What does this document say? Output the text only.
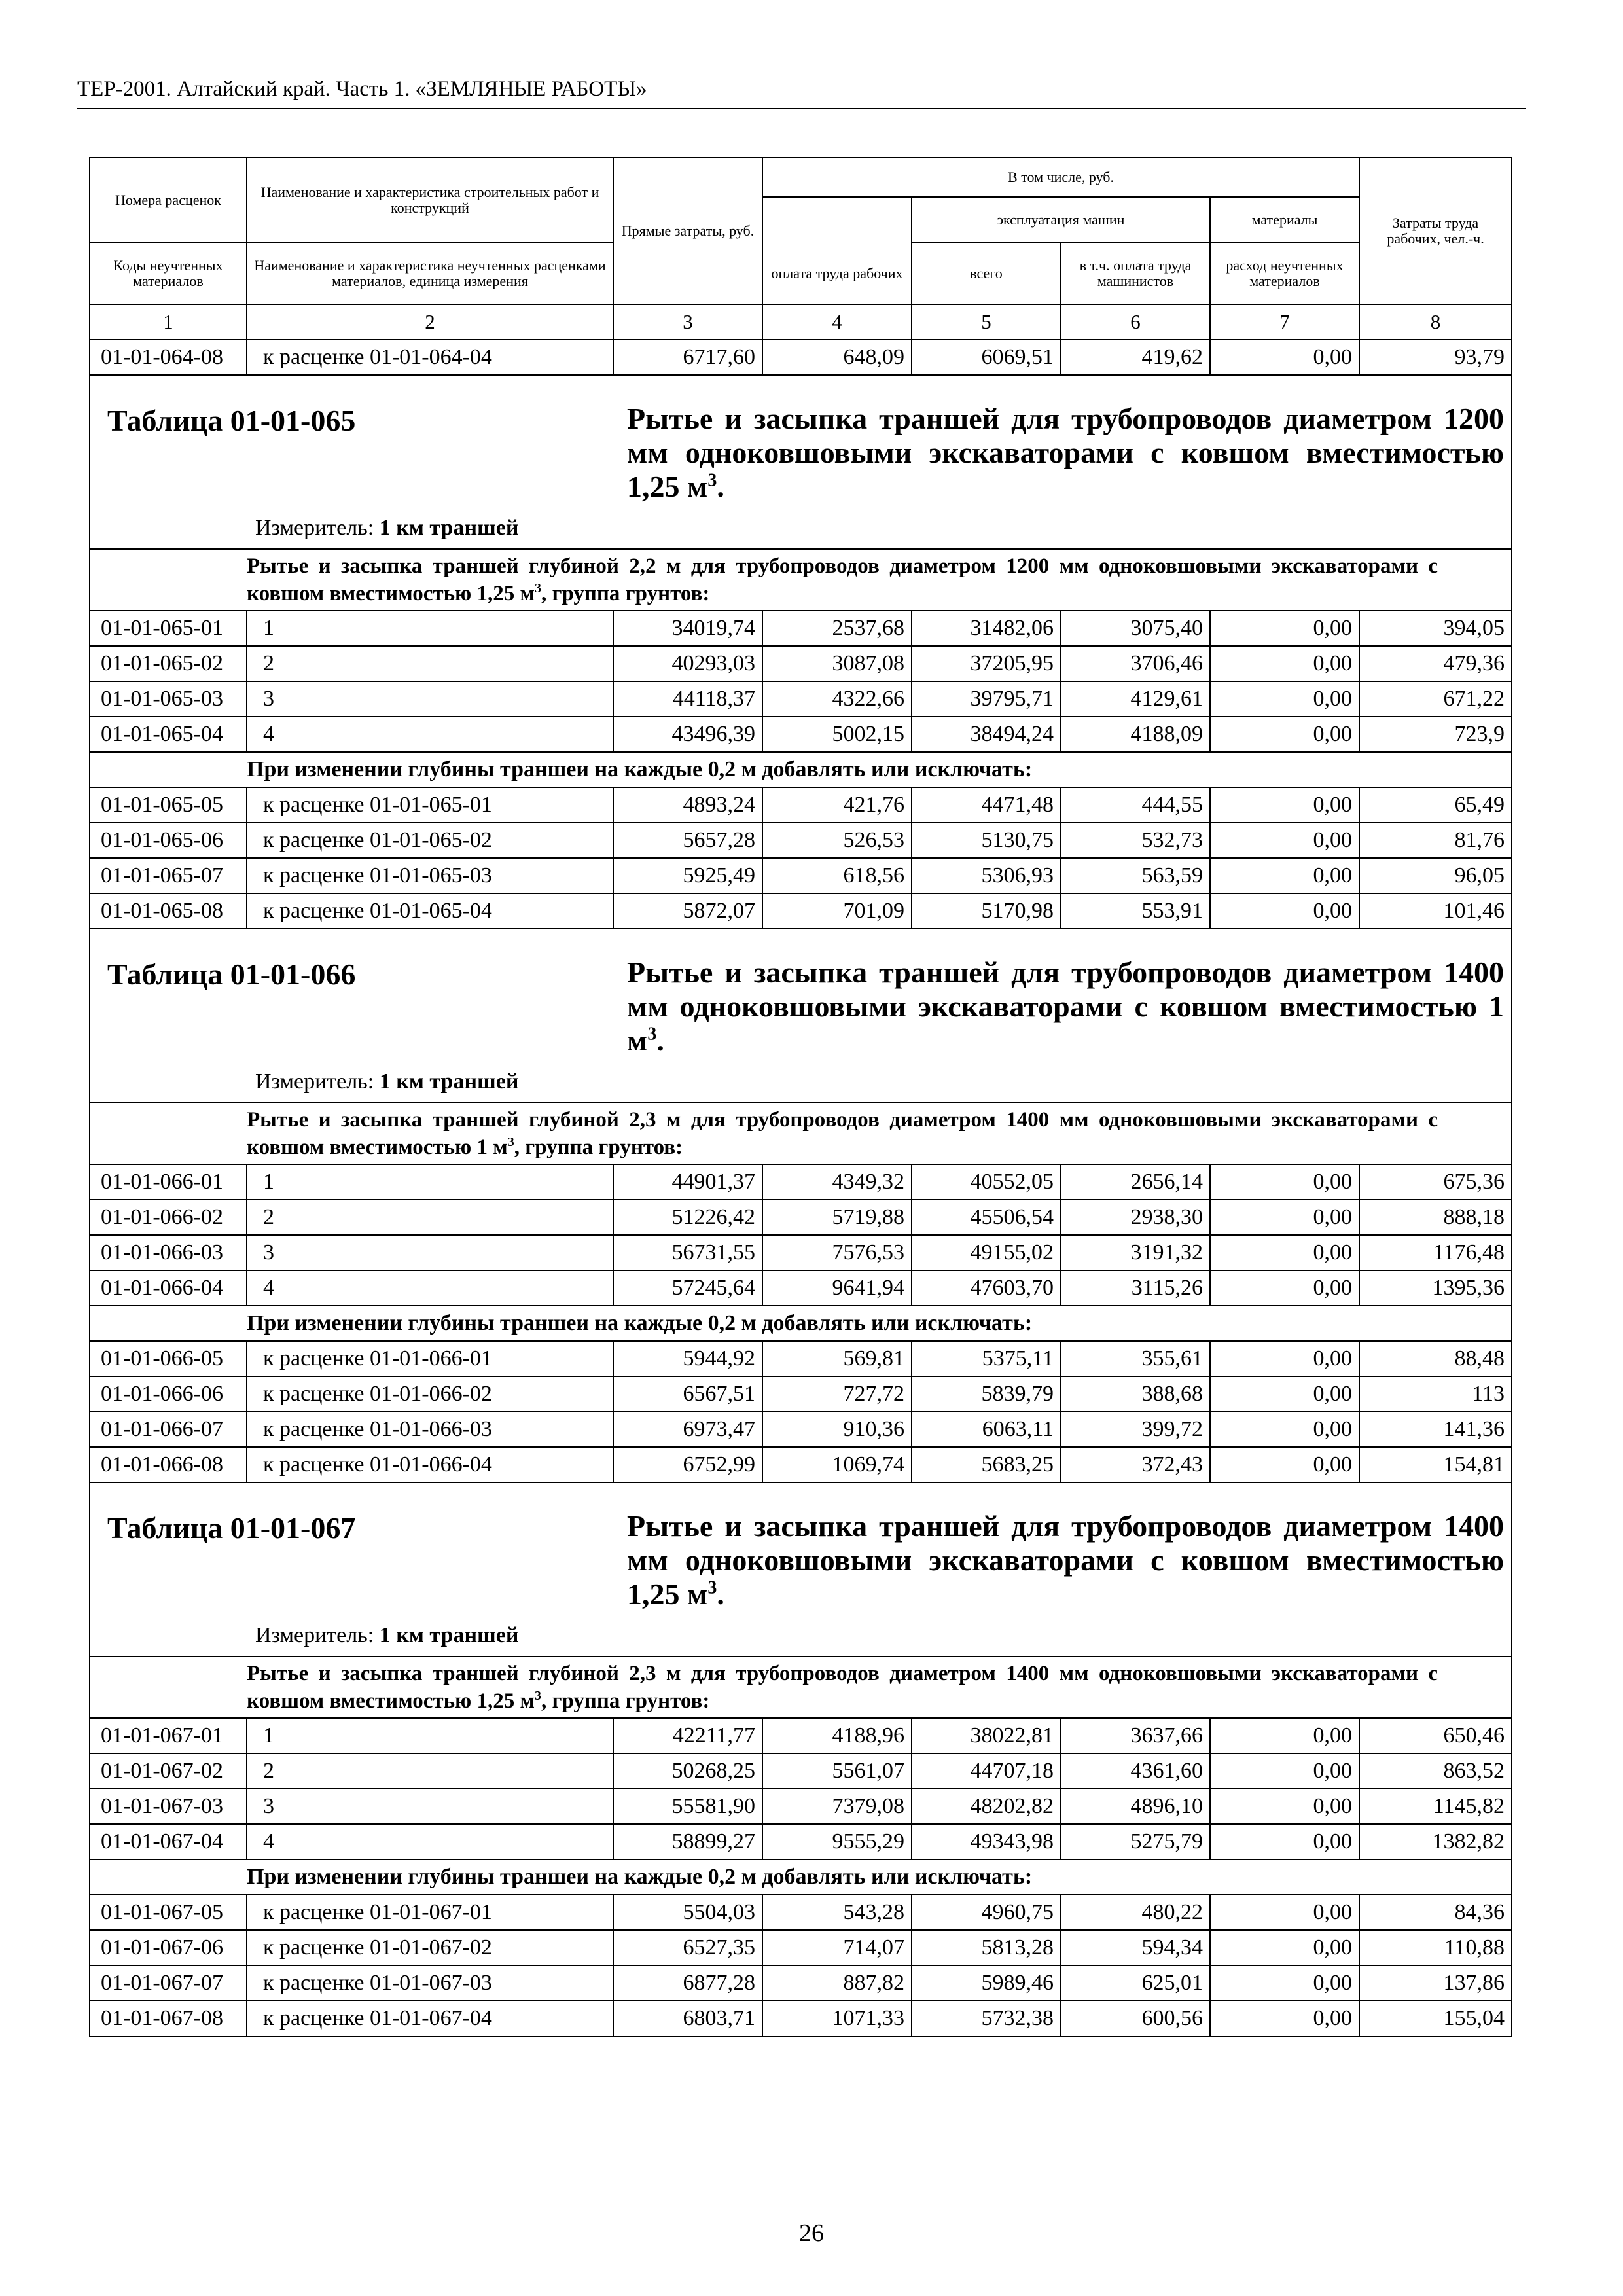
ТЕР-2001. Алтайский край. Часть 1. «ЗЕМЛЯНЫЕ РАБОТЫ»
Номера расценок	Наименование и характеристика строительных работ и конструкций	Прямые затраты, руб.	В том числе, руб.				Затраты труда рабочих, чел.-ч.
				эксплуатация машин		материалы	
Коды неучтенных материалов	Наименование и характеристика неучтенных расценками материалов, единица измерения		оплата труда рабочих	всего	в т.ч. оплата труда машинистов	расход неучтенных материалов	
1	2	3	4	5	6	7	8
01-01-064-08	к расценке 01-01-064-04	6717,60	648,09	6069,51	419,62	0,00	93,79

Таблица 01-01-065 Рытье и засыпка траншей для трубопроводов диаметром 1200 мм одноковшовыми экскаваторами с ковшом вместимостью 1,25 $м^3$.
Измеритель: 1 км траншей							

	Рытье и засыпка траншей глубиной 2,2 м для трубопроводов диаметром 1200 мм одноковшовыми экскаваторами с ковшом вместимостью 1,25 $м^3$, группа грунтов:						
01-01-065-01	1	34019,74	2537,68	31482,06	3075,40	0,00	394,05
01-01-065-02	2	40293,03	3087,08	37205,95	3706,46	0,00	479,36
01-01-065-03	3	44118,37	4322,66	39795,71	4129,61	0,00	671,22
01-01-065-04	4	43496,39	5002,15	38494,24	4188,09	0,00	723,9
	При изменении глубины траншеи на каждые 0,2 м добавлять или исключать:						
01-01-065-05	к расценке 01-01-065-01	4893,24	421,76	4471,48	444,55	0,00	65,49
01-01-065-06	к расценке 01-01-065-02	5657,28	526,53	5130,75	532,73	0,00	81,76
01-01-065-07	к расценке 01-01-065-03	5925,49	618,56	5306,93	563,59	0,00	96,05
01-01-065-08	к расценке 01-01-065-04	5872,07	701,09	5170,98	553,91	0,00	101,46

Таблица 01-01-066 Рытье и засыпка траншей для трубопроводов диаметром 1400 мм одноковшовыми экскаваторами с ковшом вместимостью 1 $м^3$.
Измеритель: 1 км траншей							

	Рытье и засыпка траншей глубиной 2,3 м для трубопроводов диаметром 1400 мм одноковшовыми экскаваторами с ковшом вместимостью 1 $м^3$, группа грунтов:						
01-01-066-01	1	44901,37	4349,32	40552,05	2656,14	0,00	675,36
01-01-066-02	2	51226,42	5719,88	45506,54	2938,30	0,00	888,18
01-01-066-03	3	56731,55	7576,53	49155,02	3191,32	0,00	1176,48
01-01-066-04	4	57245,64	9641,94	47603,70	3115,26	0,00	1395,36
	При изменении глубины траншеи на каждые 0,2 м добавлять или исключать:						
01-01-066-05	к расценке 01-01-066-01	5944,92	569,81	5375,11	355,61	0,00	88,48
01-01-066-06	к расценке 01-01-066-02	6567,51	727,72	5839,79	388,68	0,00	113
01-01-066-07	к расценке 01-01-066-03	6973,47	910,36	6063,11	399,72	0,00	141,36
01-01-066-08	к расценке 01-01-066-04	6752,99	1069,74	5683,25	372,43	0,00	154,81

Таблица 01-01-067 Рытье и засыпка траншей для трубопроводов диаметром 1400 мм одноковшовыми экскаваторами с ковшом вместимостью 1,25 $м^3$.
Измеритель: 1 км траншей							

	Рытье и засыпка траншей глубиной 2,3 м для трубопроводов диаметром 1400 мм одноковшовыми экскаваторами с ковшом вместимостью 1,25 $м^3$, группа грунтов:						
01-01-067-01	1	42211,77	4188,96	38022,81	3637,66	0,00	650,46
01-01-067-02	2	50268,25	5561,07	44707,18	4361,60	0,00	863,52
01-01-067-03	3	55581,90	7379,08	48202,82	4896,10	0,00	1145,82
01-01-067-04	4	58899,27	9555,29	49343,98	5275,79	0,00	1382,82
	При изменении глубины траншеи на каждые 0,2 м добавлять или исключать:						
01-01-067-05	к расценке 01-01-067-01	5504,03	543,28	4960,75	480,22	0,00	84,36
01-01-067-06	к расценке 01-01-067-02	6527,35	714,07	5813,28	594,34	0,00	110,88
01-01-067-07	к расценке 01-01-067-03	6877,28	887,82	5989,46	625,01	0,00	137,86
01-01-067-08	к расценке 01-01-067-04	6803,71	1071,33	5732,38	600,56	0,00	155,04
26
